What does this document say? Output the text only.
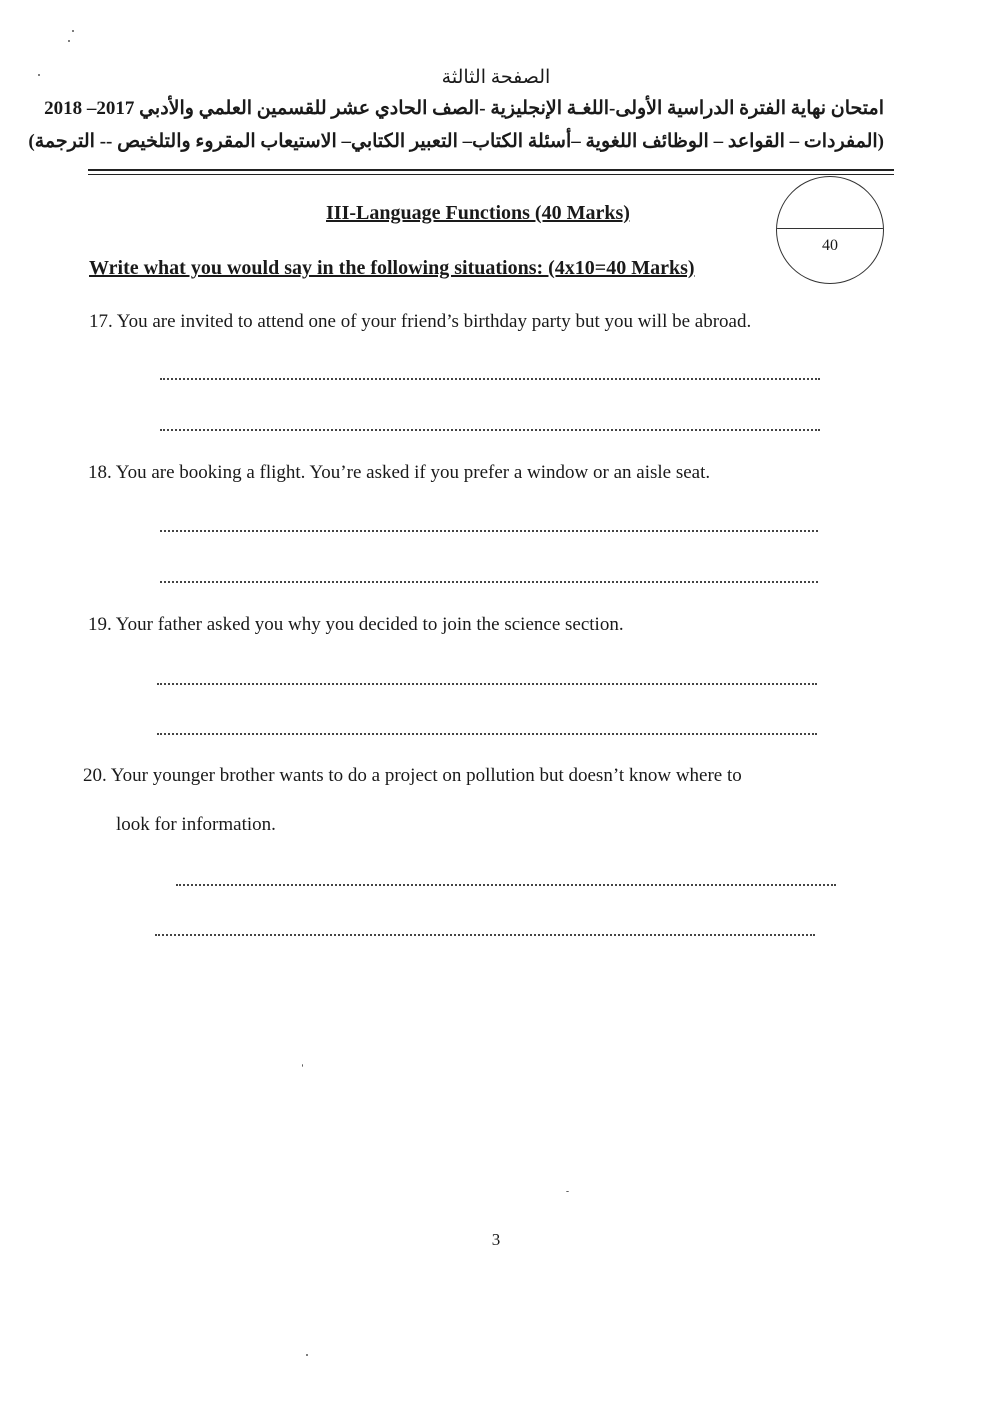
الصفحة الثالثة
امتحان نهاية الفترة الدراسية الأولى-اللغـة الإنجليزية -الصف الحادي عشر للقسمين العلمي والأدبي 2017– 2018
(المفردات – القواعد – الوظائف اللغوية –أسئلة الكتاب– التعبير الكتابي– الاستيعاب المقروء والتلخيص -- الترجمة)
III-Language Functions (40 Marks)
Write what you would say in the following situations: (4x10=40 Marks)
40
17. You are invited to attend one of your friend’s birthday party but you will be abroad.
18. You are booking a flight. You’re asked if you prefer a window or an aisle seat.
19. Your father asked you why you decided to join the science section.
20. Your younger brother wants to do a project on pollution but doesn’t know where to
look for information.
3
